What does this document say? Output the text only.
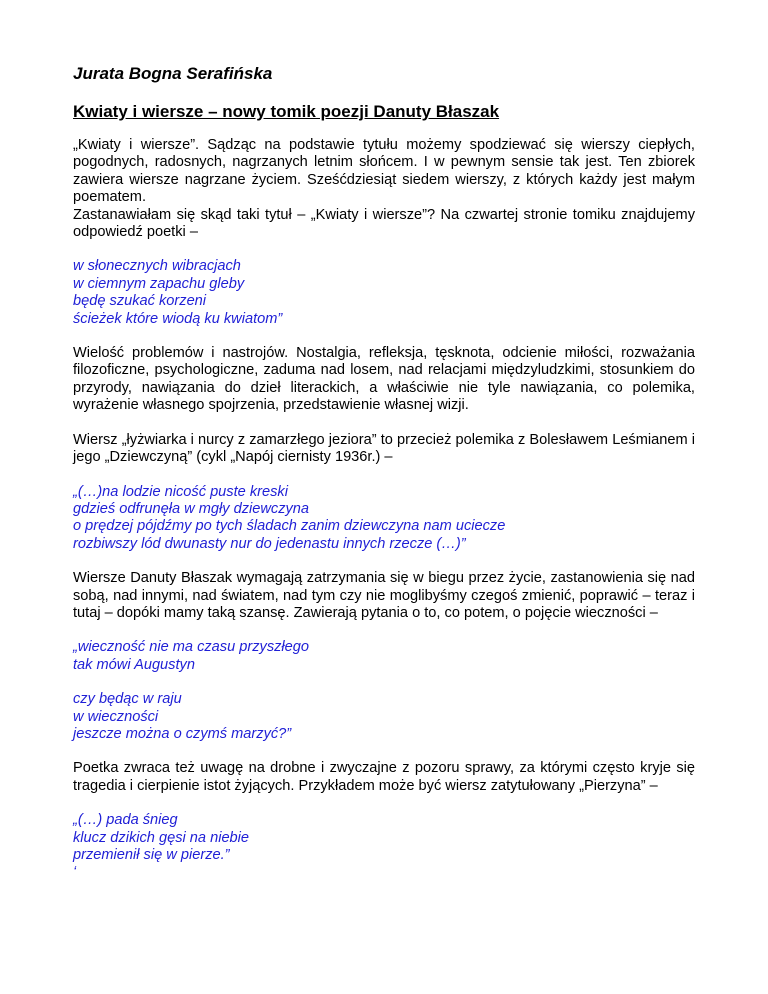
Jurata Bogna Serafińska
Kwiaty i wiersze – nowy tomik poezji Danuty Błaszak

„Kwiaty i wiersze”. Sądząc na podstawie tytułu możemy spodziewać się wierszy ciepłych, pogodnych, radosnych, nagrzanych letnim słońcem. I w pewnym sensie tak jest. Ten zbiorek zawiera wiersze nagrzane życiem. Sześćdziesiąt siedem wierszy, z których każdy jest małym poematem.

Zastanawiałam się skąd taki tytuł – „Kwiaty i wiersze”? Na czwartej stronie tomiku znajdujemy odpowiedź poetki –

w słonecznych wibracjach
w ciemnym zapachu gleby
będę szukać korzeni
ścieżek które wiodą ku kwiatom”

Wielość problemów i nastrojów. Nostalgia, refleksja, tęsknota, odcienie miłości, rozważania filozoficzne, psychologiczne, zaduma nad losem, nad relacjami międzyludzkimi, stosunkiem do przyrody, nawiązania do dzieł literackich, a właściwie nie tyle nawiązania, co polemika, wyrażenie własnego spojrzenia, przedstawienie własnej wizji.

Wiersz „łyżwiarka i nurcy z zamarzłego jeziora” to przecież polemika z Bolesławem Leśmianem i jego „Dziewczyną” (cykl „Napój ciernisty 1936r.) –

„(…)na lodzie nicość puste kreski
gdzieś odfrunęła w mgły dziewczyna
o prędzej pójdźmy po tych śladach zanim dziewczyna nam ucieczе
rozbiwszy lód dwunasty nur do jedenastu innych rzecze (…)”

Wiersze Danuty Błaszak wymagają zatrzymania się w biegu przez życie, zastanowienia się nad sobą, nad innymi, nad światem, nad tym czy nie moglibyśmy czegoś zmienić, poprawić – teraz i tutaj – dopóki mamy taką szansę. Zawierają pytania o to, co potem, o pojęcie wieczności –

„wieczność nie ma czasu przyszłego
tak mówi Augustyn
czy będąc w raju
w wieczności
jeszcze można o czymś marzyć?”

Poetka zwraca też uwagę na drobne i zwyczajne z pozoru sprawy, za którymi często kryje się tragedia i cierpienie istot żyjących. Przykładem może być wiersz zatytułowany „Pierzyna” –

„(…) pada śnieg
klucz dzikich gęsi na niebie
przemienił się w pierze.”
‘
